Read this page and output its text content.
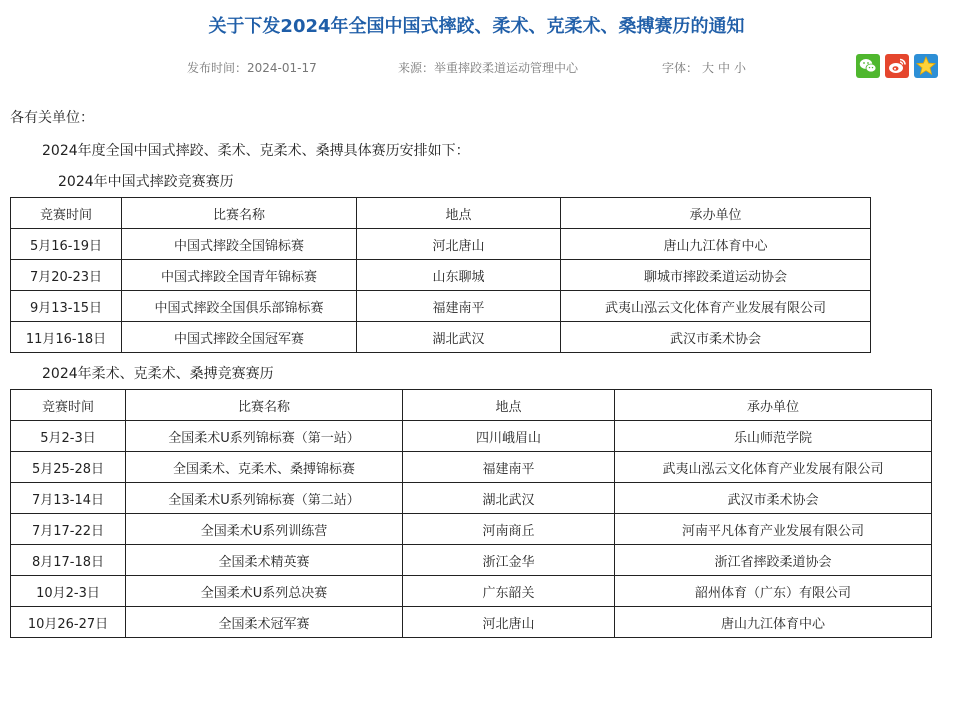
关于下发2024年全国中国式摔跤、柔术、克柔术、桑搏赛历的通知
发布时间：2024-01-17	来源：举重摔跤柔道运动管理中心	字体： 大 中 小
各有关单位：
2024年度全国中国式摔跤、柔术、克柔术、桑搏具体赛历安排如下：
2024年中国式摔跤竞赛赛历
竞赛时间	比赛名称	地点	承办单位
5月16-19日	中国式摔跤全国锦标赛	河北唐山	唐山九江体育中心
7月20-23日	中国式摔跤全国青年锦标赛	山东聊城	聊城市摔跤柔道运动协会
9月13-15日	中国式摔跤全国俱乐部锦标赛	福建南平	武夷山泓云文化体育产业发展有限公司
11月16-18日	中国式摔跤全国冠军赛	湖北武汉	武汉市柔术协会
2024年柔术、克柔术、桑搏竞赛赛历
竞赛时间	比赛名称	地点	承办单位
5月2-3日	全国柔术U系列锦标赛（第一站）	四川峨眉山	乐山师范学院
5月25-28日	全国柔术、克柔术、桑搏锦标赛	福建南平	武夷山泓云文化体育产业发展有限公司
7月13-14日	全国柔术U系列锦标赛（第二站）	湖北武汉	武汉市柔术协会
7月17-22日	全国柔术U系列训练营	河南商丘	河南平凡体育产业发展有限公司
8月17-18日	全国柔术精英赛	浙江金华	浙江省摔跤柔道协会
10月2-3日	全国柔术U系列总决赛	广东韶关	韶州体育（广东）有限公司
10月26-27日	全国柔术冠军赛	河北唐山	唐山九江体育中心
